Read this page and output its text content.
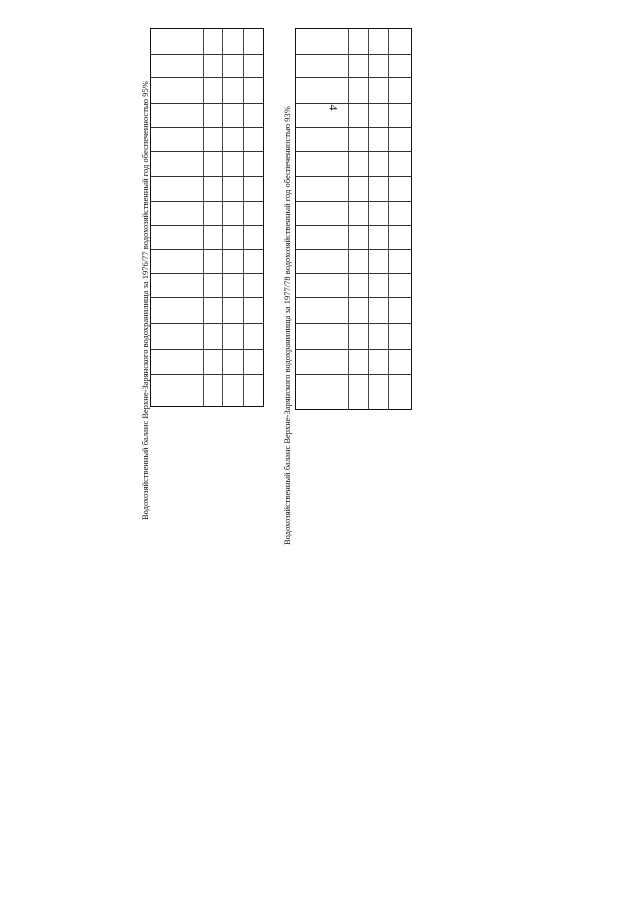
4
Водохозяйственный баланс Верхне-Зарянского водохранилища за 1976/77 водохозяйственный год обеспеченностью 95%	Водохозяйственный баланс Верхне-Зарянского водохранилища за 1977/78 водохозяйственный год обеспеченностью 93%
